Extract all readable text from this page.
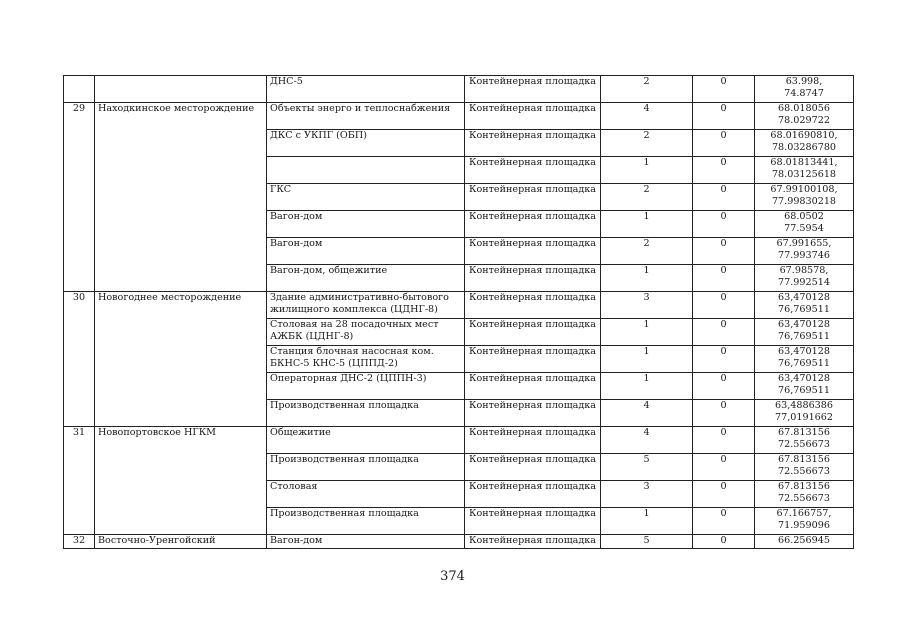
		ДНС-5	Контейнерная площадка	2	0	63.998,
74.8747

29	Находкинское месторождение	Объекты энерго и теплоснабжения	Контейнерная площадка	4	0	68.018056
78.029722

		ДКС с УКПГ (ОБП)	Контейнерная площадка	2	0	68.01690810,
78.03286780

			Контейнерная площадка	1	0	68.01813441,
78.03125618

		ГКС	Контейнерная площадка	2	0	67.99100108,
77.99830218

		Вагон-дом	Контейнерная площадка	1	0	68.0502
77.5954

		Вагон-дом	Контейнерная площадка	2	0	67.991655,
77.993746

		Вагон-дом, общежитие	Контейнерная площадка	1	0	67.98578,
77.992514

30	Новогоднее месторождение	Здание административно-бытового жилищного комплекса (ЦДНГ-8)	Контейнерная площадка	3	0	63,470128
76,769511

		Столовая на 28 посадочных мест АЖБК (ЦДНГ-8)	Контейнерная площадка	1	0	63,470128
76,769511

		Станция блочная насосная ком. БКНС-5 КНС-5 (ЦППД-2)	Контейнерная площадка	1	0	63,470128
76,769511

		Операторная ДНС-2 (ЦППН-3)	Контейнерная площадка	1	0	63,470128
76,769511

		Производственная площадка	Контейнерная площадка	4	0	63,4886386
77,0191662

31	Новопортовское НГКМ	Общежитие	Контейнерная площадка	4	0	67.813156
72.556673

		Производственная площадка	Контейнерная площадка	5	0	67.813156
72.556673

		Столовая	Контейнерная площадка	3	0	67.813156
72.556673

		Производственная площадка	Контейнерная площадка	1	0	67.166757,
71.959096

32	Восточно-Уренгойский	Вагон-дом	Контейнерная площадка	5	0	66.256945
374
